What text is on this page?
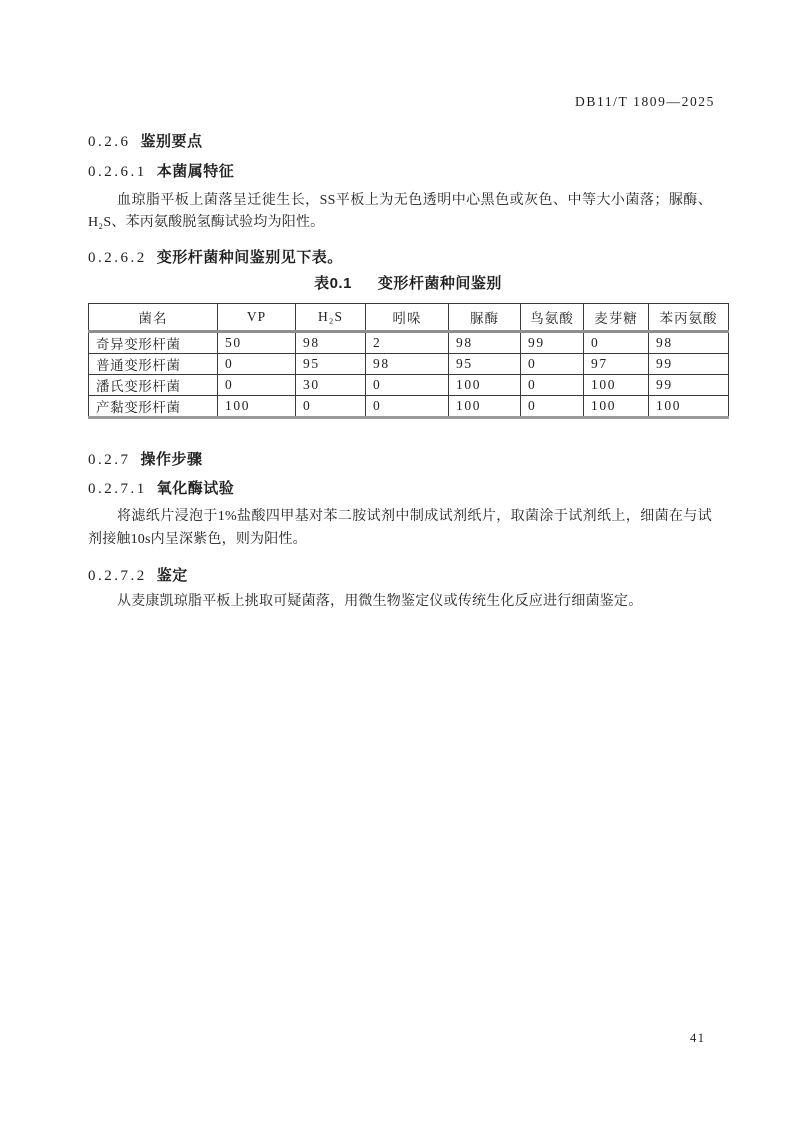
DB11/T 1809—2025
0.2.6 鉴别要点
0.2.6.1 本菌属特征
血琼脂平板上菌落呈迁徙生长，SS平板上为无色透明中心黑色或灰色、中等大小菌落；脲酶、H₂S、苯丙氨酸脱氢酶试验均为阳性。
0.2.6.2 变形杆菌种间鉴别见下表。
表0.1 变形杆菌种间鉴别
菌名	VP	H₂S	吲哚	脲酶	鸟氨酸	麦芽糖	苯丙氨酸
奇异变形杆菌	50	98	2	98	99	0	98
普通变形杆菌	0	95	98	95	0	97	99
潘氏变形杆菌	0	30	0	100	0	100	99
产黏变形杆菌	100	0	0	100	0	100	100
0.2.7 操作步骤
0.2.7.1 氧化酶试验
将滤纸片浸泡于1%盐酸四甲基对苯二胺试剂中制成试剂纸片，取菌涂于试剂纸上，细菌在与试剂接触10s内呈深紫色，则为阳性。
0.2.7.2 鉴定
从麦康凯琼脂平板上挑取可疑菌落，用微生物鉴定仪或传统生化反应进行细菌鉴定。
41
